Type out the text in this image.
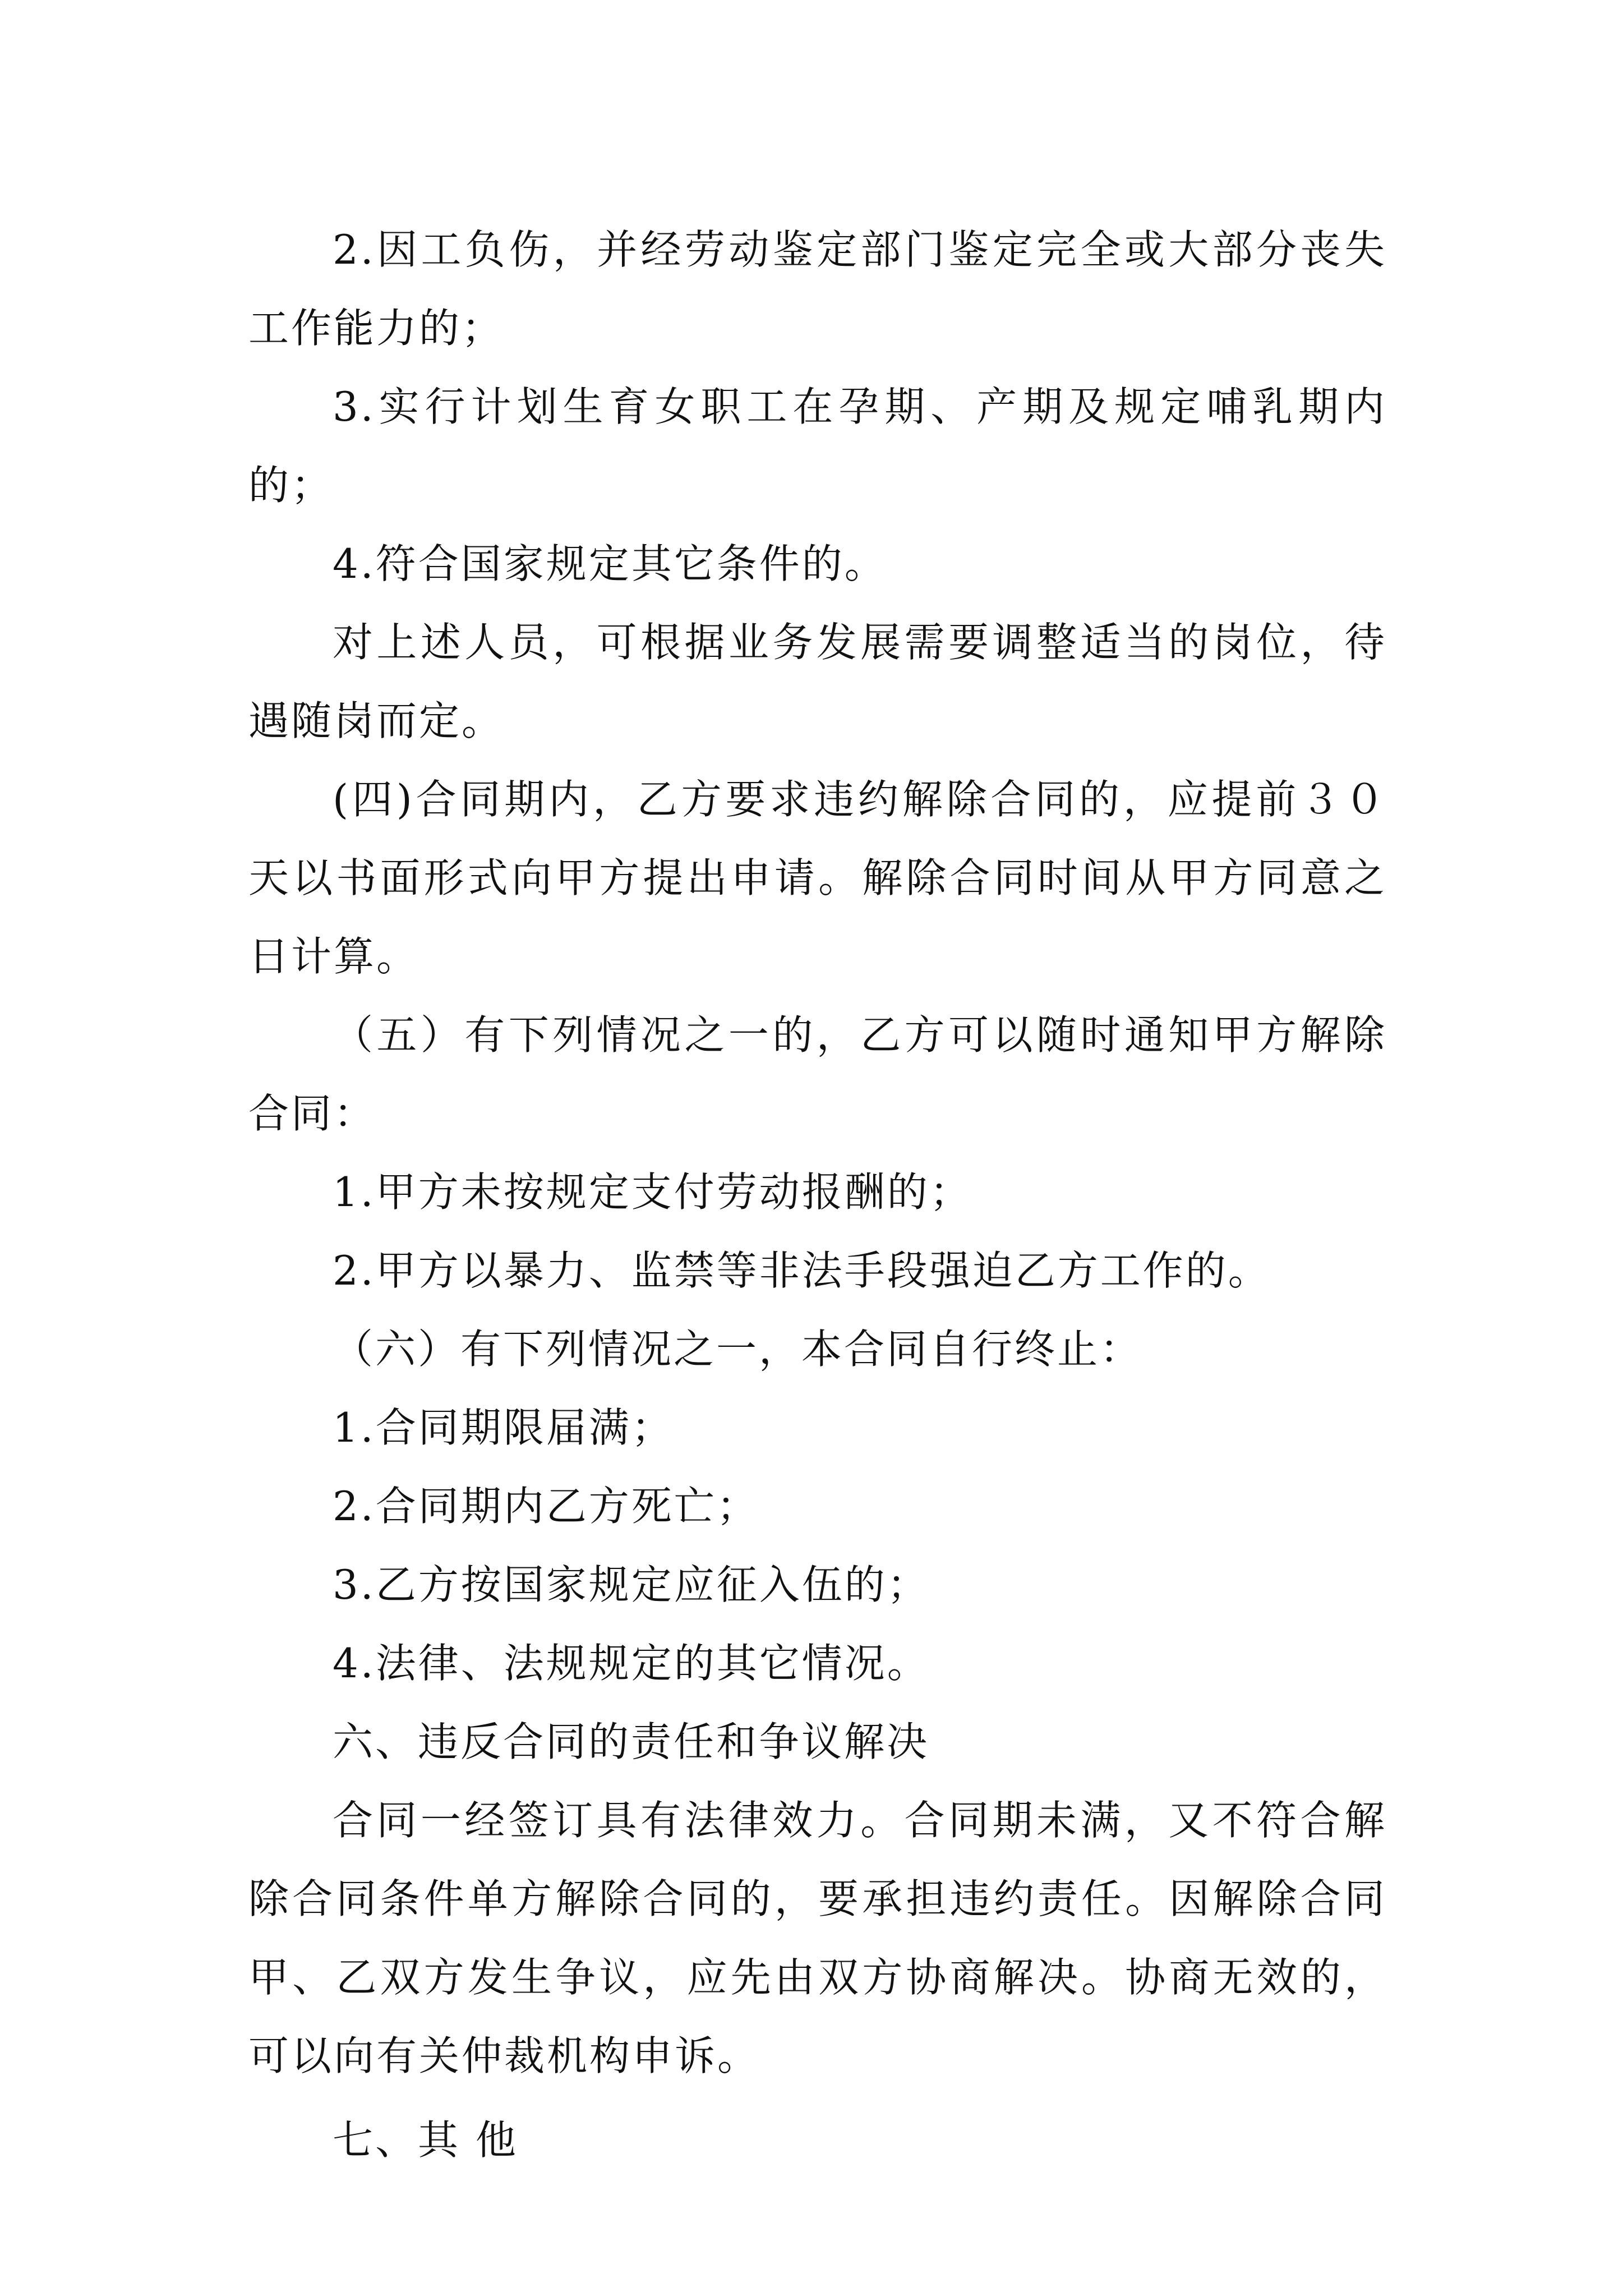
2.因工负伤，并经劳动鉴定部门鉴定完全或大部分丧失工作能力的；

3.实行计划生育女职工在孕期、产期及规定哺乳期内的；

4.符合国家规定其它条件的。

对上述人员，可根据业务发展需要调整适当的岗位，待遇随岗而定。

(四)合同期内，乙方要求违约解除合同的，应提前３０天以书面形式向甲方提出申请。解除合同时间从甲方同意之日计算。

（五）有下列情况之一的，乙方可以随时通知甲方解除合同：

1.甲方未按规定支付劳动报酬的；

2.甲方以暴力、监禁等非法手段强迫乙方工作的。

（六）有下列情况之一，本合同自行终止：

1.合同期限届满；

2.合同期内乙方死亡；

3.乙方按国家规定应征入伍的；

4.法律、法规规定的其它情况。

六、违反合同的责任和争议解决

合同一经签订具有法律效力。合同期未满，又不符合解除合同条件单方解除合同的，要承担违约责任。因解除合同甲、乙双方发生争议，应先由双方协商解决。协商无效的，可以向有关仲裁机构申诉。

七、其 他
